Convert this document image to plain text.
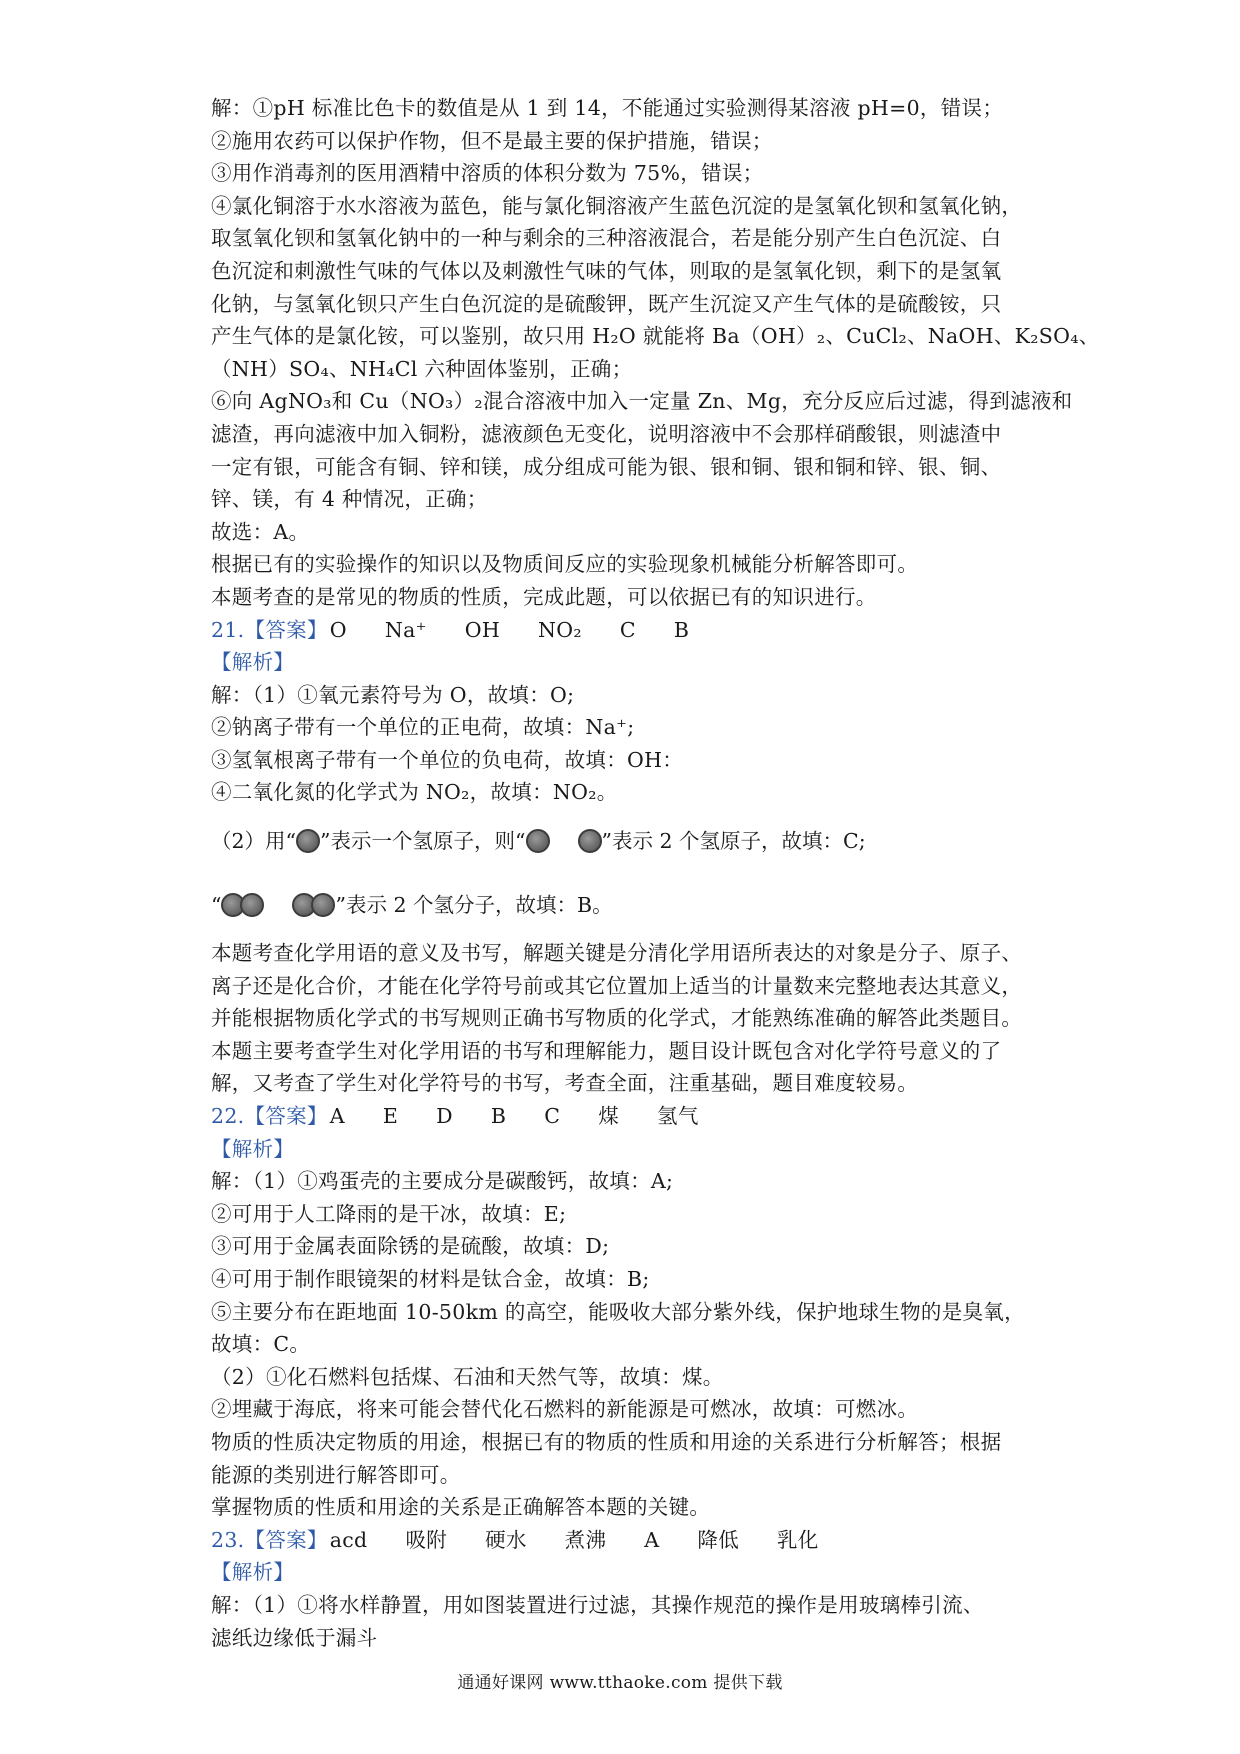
解：①pH 标准比色卡的数值是从 1 到 14，不能通过实验测得某溶液 pH=0，错误；
②施用农药可以保护作物，但不是最主要的保护措施，错误；
③用作消毒剂的医用酒精中溶质的体积分数为 75%，错误；
④氯化铜溶于水水溶液为蓝色，能与氯化铜溶液产生蓝色沉淀的是氢氧化钡和氢氧化钠，
取氢氧化钡和氢氧化钠中的一种与剩余的三种溶液混合，若是能分别产生白色沉淀、白
色沉淀和刺激性气味的气体以及刺激性气味的气体，则取的是氢氧化钡，剩下的是氢氧
化钠，与氢氧化钡只产生白色沉淀的是硫酸钾，既产生沉淀又产生气体的是硫酸铵，只
产生气体的是氯化铵，可以鉴别，故只用 H₂O 就能将 Ba（OH）₂、CuCl₂、NaOH、K₂SO₄、
（NH）SO₄、NH₄Cl 六种固体鉴别，正确；
⑥向 AgNO₃和 Cu（NO₃）₂混合溶液中加入一定量 Zn、Mg，充分反应后过滤，得到滤液和
滤渣，再向滤液中加入铜粉，滤液颜色无变化，说明溶液中不会那样硝酸银，则滤渣中
一定有银，可能含有铜、锌和镁，成分组成可能为银、银和铜、银和铜和锌、银、铜、
锌、镁，有 4 种情况，正确；
故选：A。
根据已有的实验操作的知识以及物质间反应的实验现象机械能分析解答即可。
本题考查的是常见的物质的性质，完成此题，可以依据已有的知识进行。
21.【答案】O Na⁺ OH NO₂ C B
【解析】
解：（1）①氧元素符号为 O，故填：O;
②钠离子带有一个单位的正电荷，故填：Na⁺;
③氢氧根离子带有一个单位的负电荷，故填：OH：
④二氧化氮的化学式为 NO₂，故填：NO₂。
（2）用“ ”表示一个氢原子，则“	”表示 2 个氢原子，故填：C;
“	”表示 2 个氢分子，故填：B。
本题考查化学用语的意义及书写，解题关键是分清化学用语所表达的对象是分子、原子、
离子还是化合价，才能在化学符号前或其它位置加上适当的计量数来完整地表达其意义，
并能根据物质化学式的书写规则正确书写物质的化学式，才能熟练准确的解答此类题目。
本题主要考查学生对化学用语的书写和理解能力，题目设计既包含对化学符号意义的了
解，又考查了学生对化学符号的书写，考查全面，注重基础，题目难度较易。
22.【答案】A E D B C 煤 氢气
【解析】
解：（1）①鸡蛋壳的主要成分是碳酸钙，故填：A;
②可用于人工降雨的是干冰，故填：E;
③可用于金属表面除锈的是硫酸，故填：D;
④可用于制作眼镜架的材料是钛合金，故填：B;
⑤主要分布在距地面 10-50km 的高空，能吸收大部分紫外线，保护地球生物的是臭氧，
故填：C。
（2）①化石燃料包括煤、石油和天然气等，故填：煤。
②埋藏于海底，将来可能会替代化石燃料的新能源是可燃冰，故填：可燃冰。
物质的性质决定物质的用途，根据已有的物质的性质和用途的关系进行分析解答；根据
能源的类别进行解答即可。
掌握物质的性质和用途的关系是正确解答本题的关键。
23.【答案】acd 吸附 硬水 煮沸 A 降低 乳化
【解析】
解：（1）①将水样静置，用如图装置进行过滤，其操作规范的操作是用玻璃棒引流、
滤纸边缘低于漏斗
通通好课网 www.tthaoke.com 提供下载
